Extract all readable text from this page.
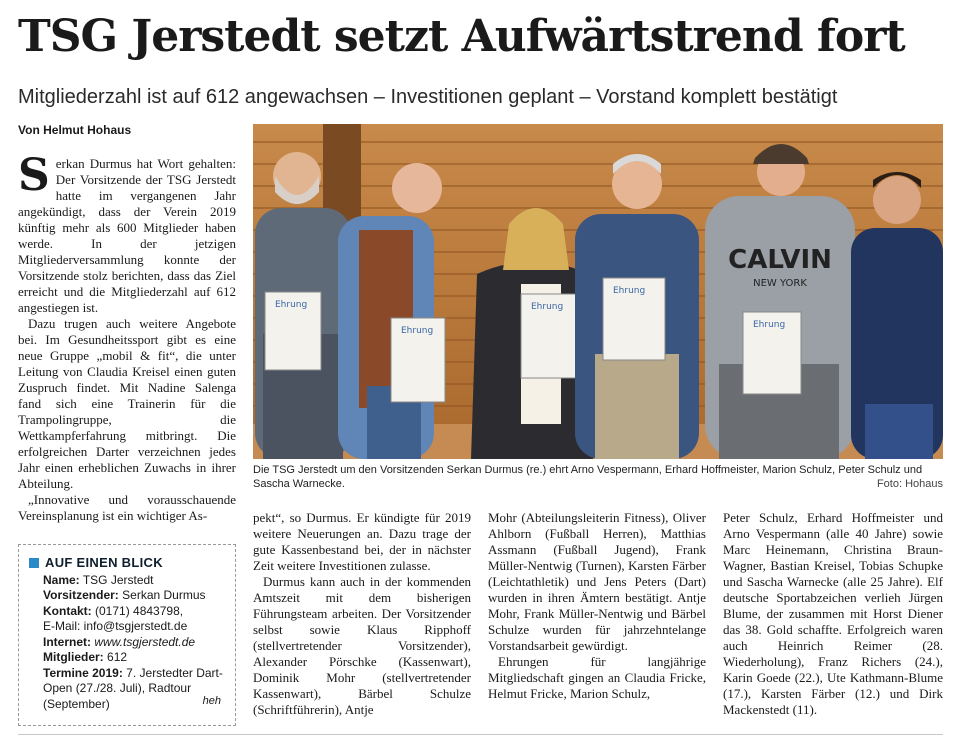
TSG Jerstedt setzt Aufwärtstrend fort
Mitgliederzahl ist auf 612 angewachsen – Investitionen geplant – Vorstand komplett bestätigt
Von Helmut Hohaus

Serkan Durmus hat Wort gehalten: Der Vorsitzende der TSG Jerstedt hatte im vergangenen Jahr angekündigt, dass der Verein 2019 künftig mehr als 600 Mitglieder haben werde. In der jetzigen Mitgliederversammlung konnte der Vorsitzende stolz berichten, dass das Ziel erreicht und die Mitgliederzahl auf 612 angestiegen ist.

Dazu trugen auch weitere Angebote bei. Im Gesundheitssport gibt es eine neue Gruppe „mobil & fit“, die unter Leitung von Claudia Kreisel einen guten Zuspruch findet. Mit Nadine Salenga fand sich eine Trainerin für die Trampolingruppe, die Wettkampferfahrung mitbringt. Die erfolgreichen Darter verzeichnen jedes Jahr einen erheblichen Zuwachs in ihrer Abteilung.

„Innovative und vorausschauende Vereinsplanung ist ein wichtiger As-

CALVIN
NEW YORK
Ehrung
Ehrung
Ehrung
Ehrung
Ehrung
Die TSG Jerstedt um den Vorsitzenden Serkan Durmus (re.) ehrt Arno Vespermann, Erhard Hoffmeister, Marion Schulz, Peter Schulz und Sascha Warnecke.	Foto: Hohaus

pekt“, so Durmus. Er kündigte für 2019 weitere Neuerungen an. Dazu trage der gute Kassenbestand bei, der in nächster Zeit weitere Investitionen zulasse.

Durmus kann auch in der kommenden Amtszeit mit dem bisherigen Führungsteam arbeiten. Der Vorsitzender selbst sowie Klaus Ripphoff (stellvertretender Vorsitzender), Alexander Pörschke (Kassenwart), Dominik Mohr (stellvertretender Kassenwart), Bärbel Schulze (Schriftführerin), Antje

Mohr (Abteilungsleiterin Fitness), Oliver Ahlborn (Fußball Herren), Matthias Assmann (Fußball Jugend), Frank Müller-Nentwig (Turnen), Karsten Färber (Leichtathletik) und Jens Peters (Dart) wurden in ihren Ämtern bestätigt. Antje Mohr, Frank Müller-Nentwig und Bärbel Schulze wurden für jahrzehntelange Vorstandsarbeit gewürdigt.

Ehrungen für langjährige Mitgliedschaft gingen an Claudia Fricke, Helmut Fricke, Marion Schulz,

Peter Schulz, Erhard Hoffmeister und Arno Vespermann (alle 40 Jahre) sowie Marc Heinemann, Christina Braun-Wagner, Bastian Kreisel, Tobias Schupke und Sascha Warnecke (alle 25 Jahre). Elf deutsche Sportabzeichen verlieh Jürgen Blume, der zusammen mit Horst Diener das 38. Gold schaffte. Erfolgreich waren auch Heinrich Reimer (28. Wiederholung), Franz Richers (24.), Karin Goede (22.), Ute Kathmann-Blume (17.), Karsten Färber (12.) und Dirk Mackenstedt (11).

AUF EINEN BLICK
Name: TSG Jerstedt
Vorsitzender: Serkan Durmus
Kontakt: (0171) 4843798,
E-Mail: info@tsgjerstedt.de
Internet: www.tsgjerstedt.de
Mitglieder: 612
Termine 2019: 7. Jerstedter Dart-Open (27./28. Juli), Radtour (September)	heh
